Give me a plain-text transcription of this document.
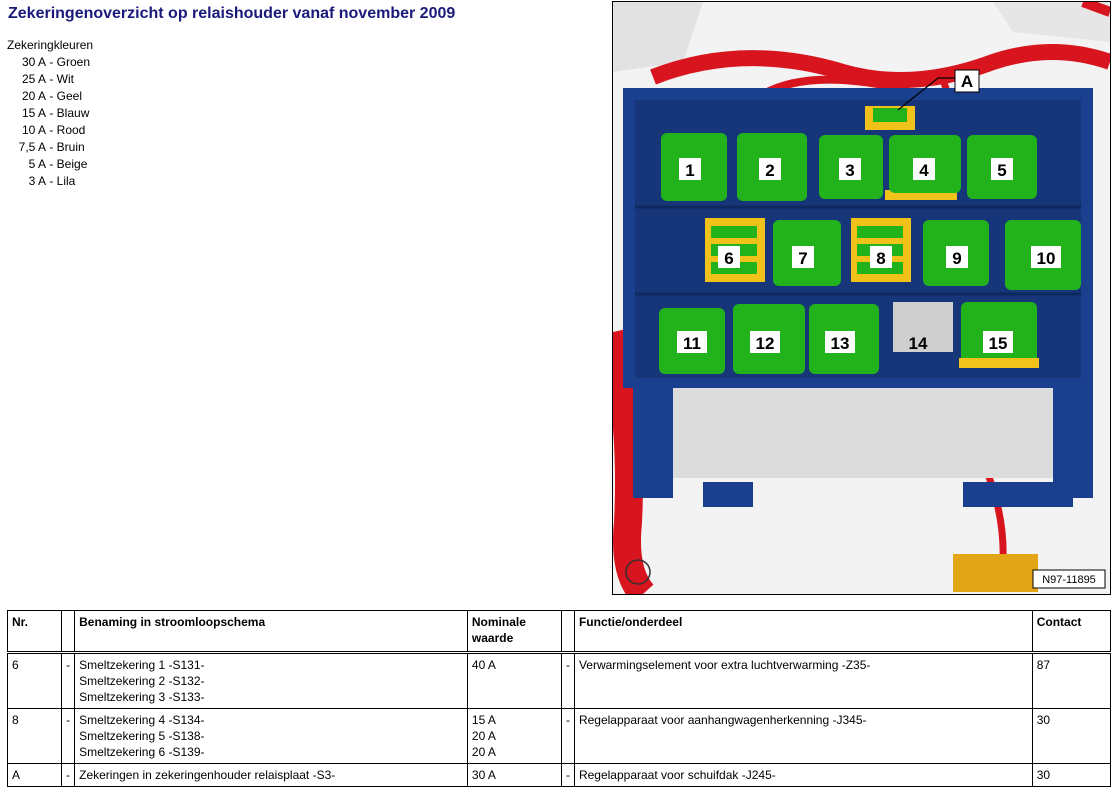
Zekeringenoverzicht op relaishouder vanaf november 2009
Zekeringkleuren
30 A - Groen
25 A - Wit
20 A - Geel
15 A - Blauw
10 A - Rood
7,5 A - Bruin
5 A - Beige
3 A - Lila
A
1	2	3	4	5
6	7	8	9	10
11	12	13	14	15
N97-11895
Nr.		Benaming in stroomloopschema	Nominale waarde		Functie/onderdeel	Contact
6	-	Smeltzekering 1 -S131-
Smeltzekering 2 -S132-
Smeltzekering 3 -S133-	40 A	-	Verwarmingselement voor extra luchtverwarming -Z35-	87
8	-	Smeltzekering 4 -S134-
Smeltzekering 5 -S138-
Smeltzekering 6 -S139-	15 A
20 A
20 A	-	Regelapparaat voor aanhangwagenherkenning -J345-	30
A	-	Zekeringen in zekeringenhouder relaisplaat -S3-	30 A	-	Regelapparaat voor schuifdak -J245-	30
